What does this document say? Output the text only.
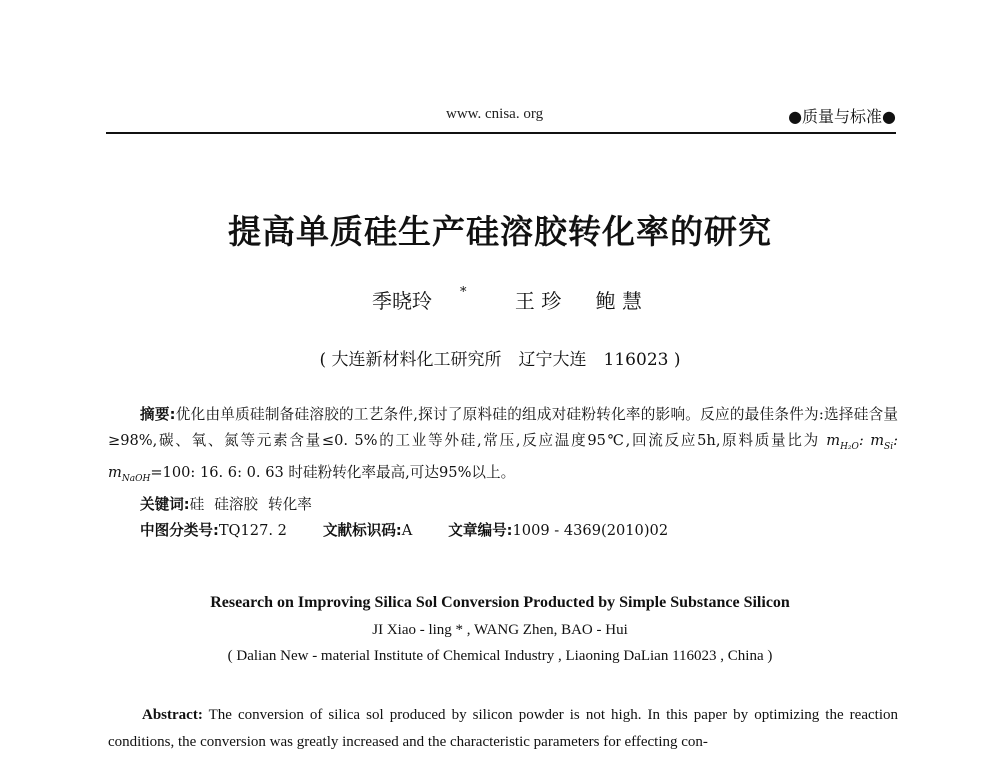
www. cnisa. org	●质量与标准●
提高单质硅生产硅溶胶转化率的研究
季晓玲 * 王 珍 鲍 慧
( 大连新材料化工研究所　辽宁大连　116023 )

摘要:优化由单质硅制备硅溶胶的工艺条件,探讨了原料硅的组成对硅粉转化率的影响。反应的最佳条件为:选择硅含量≥98%,碳、氧、氮等元素含量≤0. 5%的工业等外硅,常压,反应温度95℃,回流反应5h,原料质量比为 $m_{H_2O}$: $m_{Si}$: $m_{NaOH}=100$: 16. 6: 0. 63 时硅粉转化率最高,可达95%以上。

关键词:硅 硅溶胶 转化率
中图分类号:TQ127. 2 文献标识码:A 文章编号:1009 - 4369(2010)02
Research on Improving Silica Sol Conversion Producted by Simple Substance Silicon
JI Xiao - ling * , WANG Zhen, BAO - Hui
( Dalian New - material Institute of Chemical Industry , Liaoning DaLian 116023 , China )

Abstract: The conversion of silica sol produced by silicon powder is not high. In this paper by optimizing the reaction conditions, the conversion was greatly increased and the characteristic parameters for effecting con-
